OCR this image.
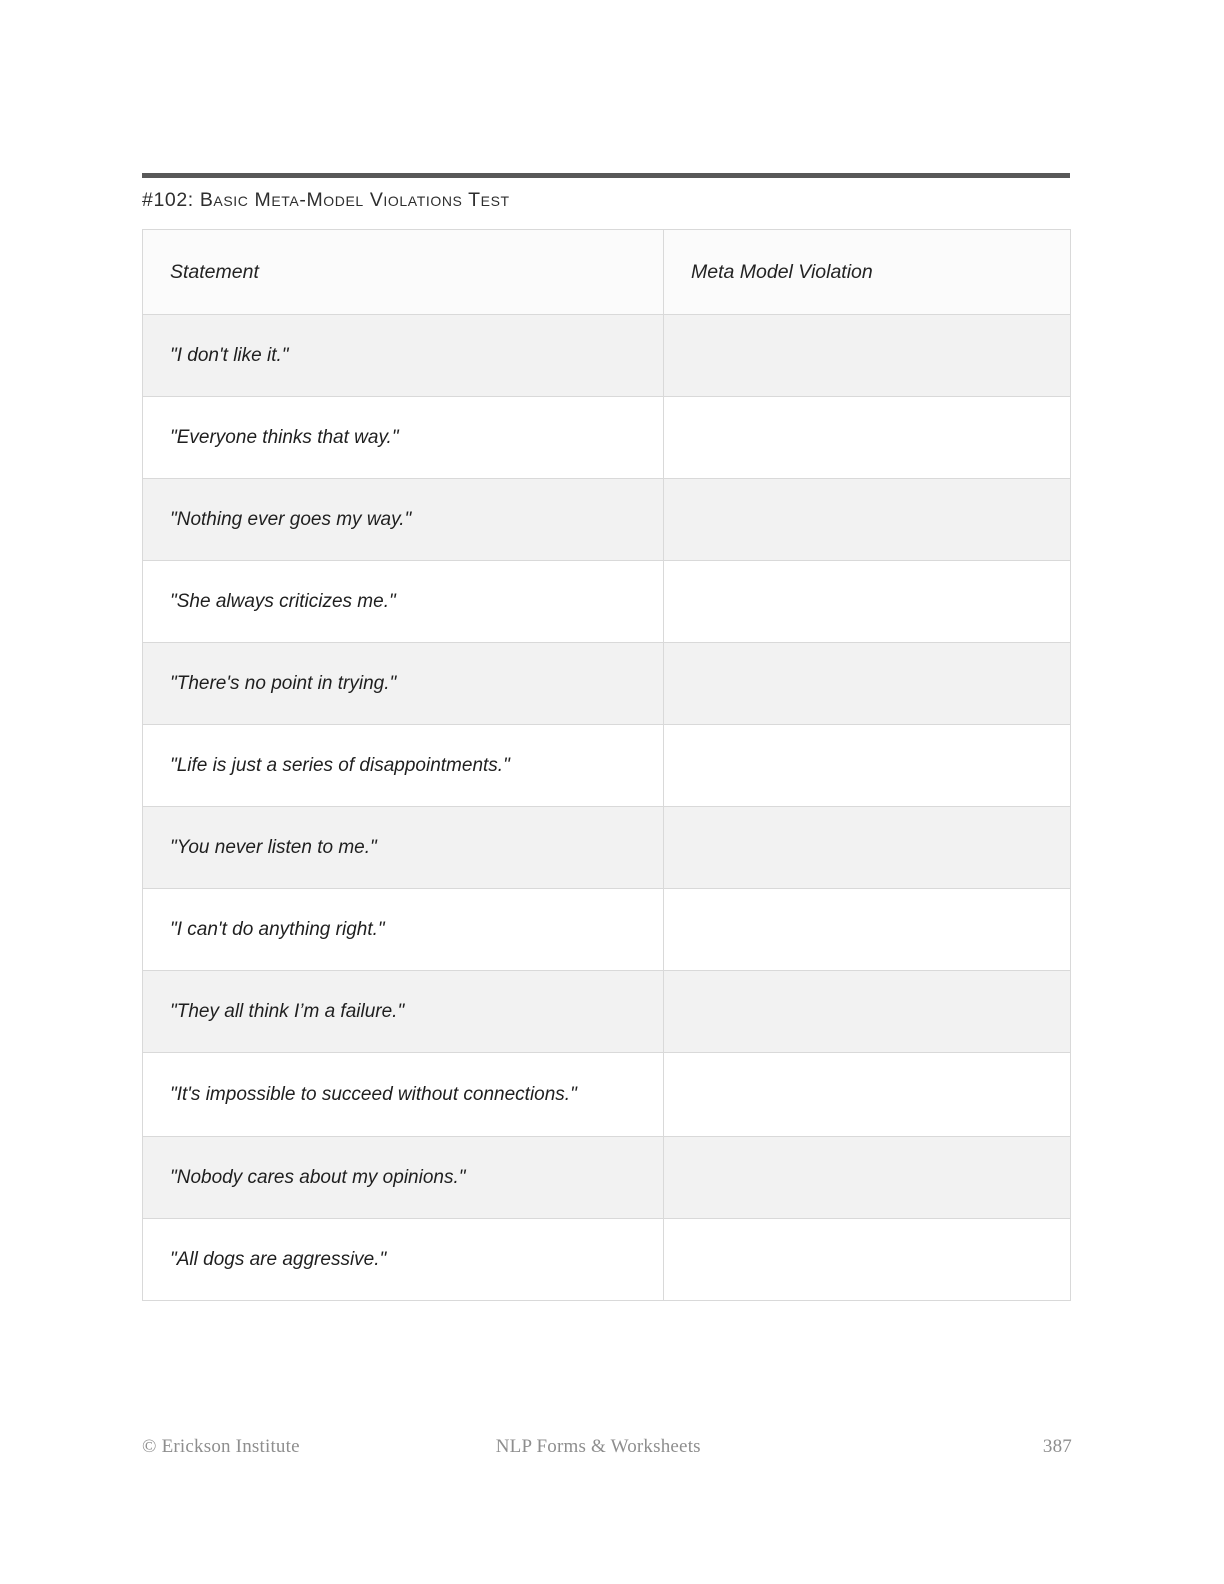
#102: Basic Meta-Model Violations Test
Statement	Meta Model Violation
"I don't like it."	
"Everyone thinks that way."	
"Nothing ever goes my way."	
"She always criticizes me."	
"There's no point in trying."	
"Life is just a series of disappointments."	
"You never listen to me."	
"I can't do anything right."	
"They all think I’m a failure."	
"It's impossible to succeed without connections."	
"Nobody cares about my opinions."	
"All dogs are aggressive."	
© Erickson Institute	NLP Forms & Worksheets	387
